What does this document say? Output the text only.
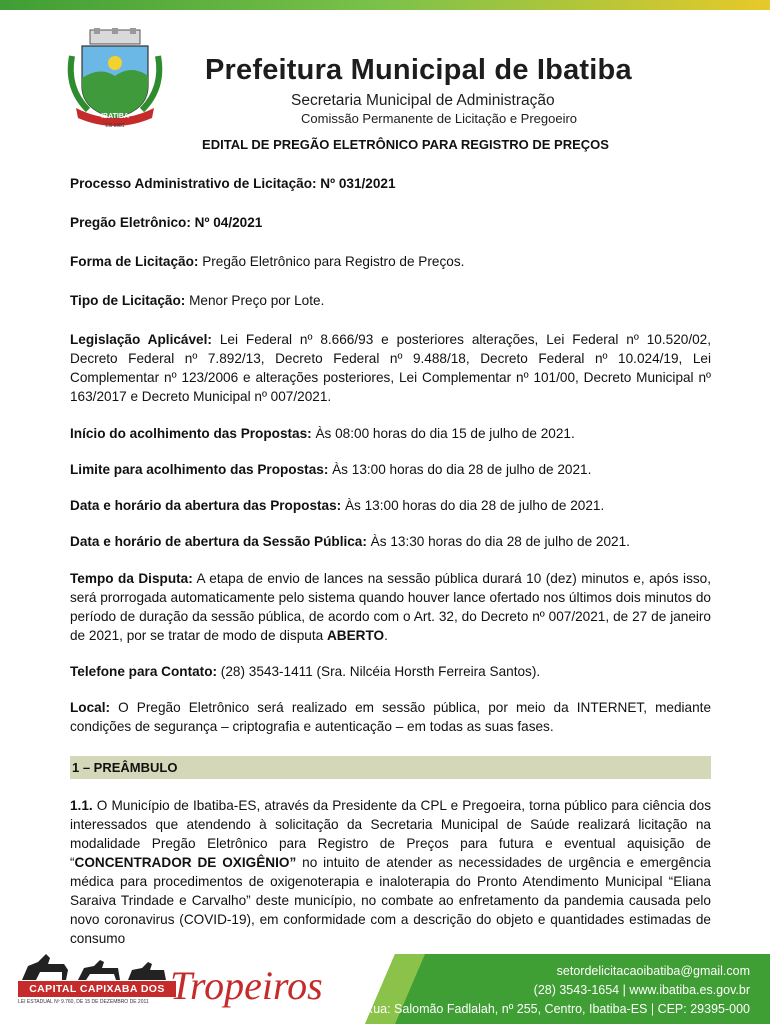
IBATIBA
ES 1981
Prefeitura Municipal de Ibatiba
Secretaria Municipal de Administração
Comissão Permanente de Licitação e Pregoeiro

EDITAL DE PREGÃO ELETRÔNICO PARA REGISTRO DE PREÇOS

Processo Administrativo de Licitação: Nº 031/2021

Pregão Eletrônico: Nº 04/2021

Forma de Licitação: Pregão Eletrônico para Registro de Preços.

Tipo de Licitação: Menor Preço por Lote.

Legislação Aplicável: Lei Federal nº 8.666/93 e posteriores alterações, Lei Federal nº 10.520/02, Decreto Federal nº 7.892/13, Decreto Federal nº 9.488/18, Decreto Federal nº 10.024/19, Lei Complementar nº 123/2006 e alterações posteriores, Lei Complementar nº 101/00, Decreto Municipal nº 163/2017 e Decreto Municipal nº 007/2021.

Início do acolhimento das Propostas: Às 08:00 horas do dia 15 de julho de 2021.

Limite para acolhimento das Propostas: Às 13:00 horas do dia 28 de julho de 2021.

Data e horário da abertura das Propostas: Às 13:00 horas do dia 28 de julho de 2021.

Data e horário de abertura da Sessão Pública: Às 13:30 horas do dia 28 de julho de 2021.

Tempo da Disputa: A etapa de envio de lances na sessão pública durará 10 (dez) minutos e, após isso, será prorrogada automaticamente pelo sistema quando houver lance ofertado nos últimos dois minutos do período de duração da sessão pública, de acordo com o Art. 32, do Decreto nº 007/2021, de 27 de janeiro de 2021, por se tratar de modo de disputa ABERTO.

Telefone para Contato: (28) 3543-1411 (Sra. Nilcéia Horsth Ferreira Santos).

Local: O Pregão Eletrônico será realizado em sessão pública, por meio da INTERNET, mediante condições de segurança – criptografia e autenticação – em todas as suas fases.

1 – PREÂMBULO

1.1. O Município de Ibatiba-ES, através da Presidente da CPL e Pregoeira, torna público para ciência dos interessados que atendendo à solicitação da Secretaria Municipal de Saúde realizará licitação na modalidade Pregão Eletrônico para Registro de Preços para futura e eventual aquisição de “CONCENTRADOR DE OXIGÊNIO” no intuito de atender as necessidades de urgência e emergência médica para procedimentos de oxigenoterapia e inaloterapia do Pronto Atendimento Municipal “Eliana Saraiva Trindade e Carvalho” deste município, no combate ao enfretamento da pandemia causada pelo novo coronavirus (COVID-19), em conformidade com a descrição do objeto e quantidades estimadas de consumo

CAPITAL CAPIXABA DOS
LEI ESTADUAL Nº 9.760, DE 15 DE DEZEMBRO DE 2011 Tropeiros	setordelicitacaoibatiba@gmail.com
(28) 3543-1654 | www.ibatiba.es.gov.br
Rua: Salomão Fadlalah, nº 255, Centro, Ibatiba-ES | CEP: 29395-000
